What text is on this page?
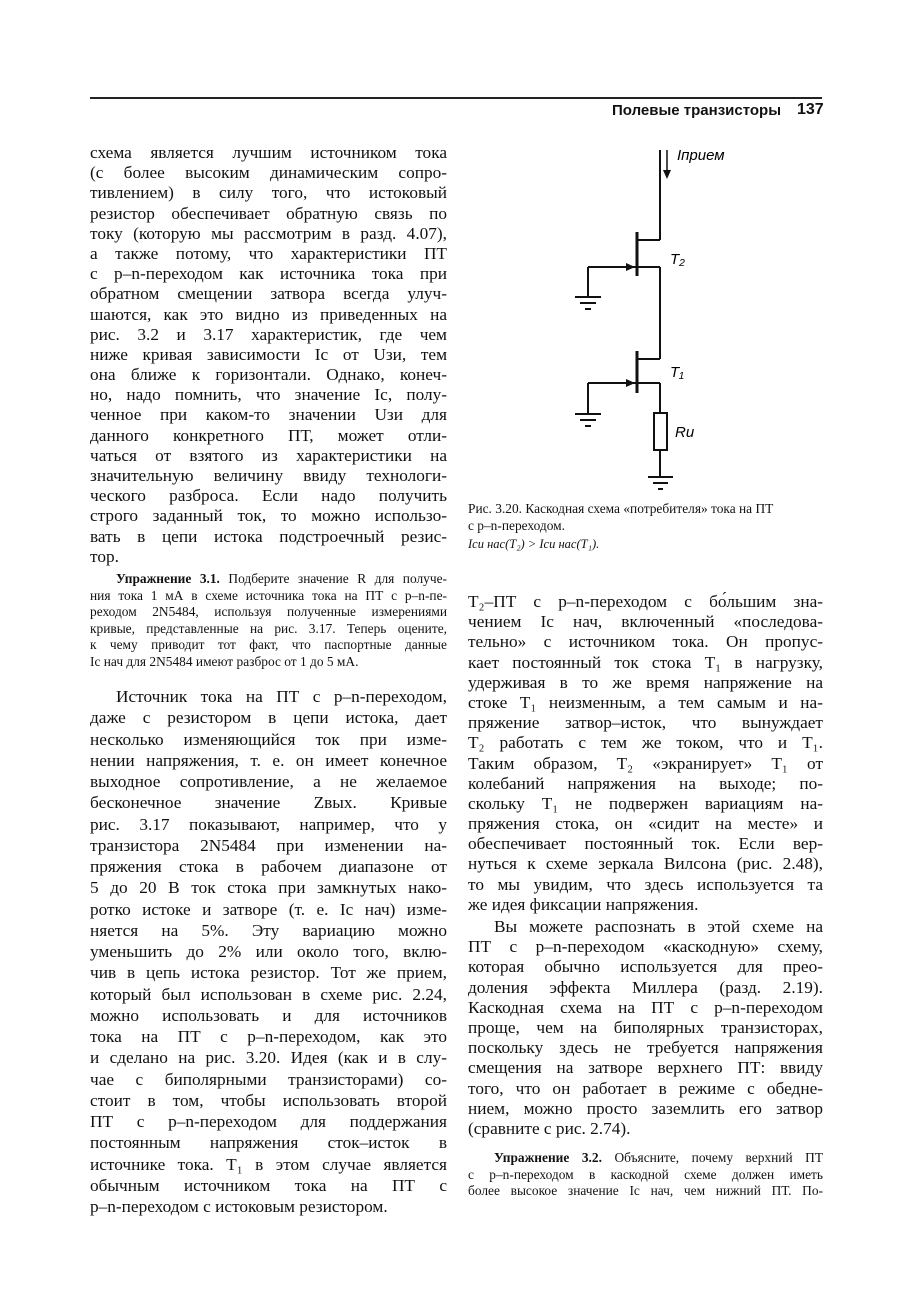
Полевые транзисторы 137
схема является лучшим источником тока
(с более высоким динамическим сопро-
тивлением) в силу того, что истоковый
резистор обеспечивает обратную связь по
току (которую мы рассмотрим в разд. 4.07),
а также потому, что характеристики ПТ
с p–n-переходом как источника тока при
обратном смещении затвора всегда улуч-
шаются, как это видно из приведенных на
рис. 3.2 и 3.17 характеристик, где чем
ниже кривая зависимости Iс от Uзи, тем
она ближе к горизонтали. Однако, конеч-
но, надо помнить, что значение Iс, полу-
ченное при каком-то значении Uзи для
данного конкретного ПТ, может отли-
чаться от взятого из характеристики на
значительную величину ввиду технологи-
ческого разброса. Если надо получить
строго заданный ток, то можно использо-
вать в цепи истока подстроечный резис-
тор.
Упражнение 3.1. Подберите значение R для получе-
ния тока 1 мА в схеме источника тока на ПТ с p–n-пе-
реходом 2N5484, используя полученные измерениями
кривые, представленные на рис. 3.17. Теперь оцените,
к чему приводит тот факт, что паспортные данные
Iс нач для 2N5484 имеют разброс от 1 до 5 мА.
Источник тока на ПТ с p–n-переходом,
даже с резистором в цепи истока, дает
несколько изменяющийся ток при изме-
нении напряжения, т. е. он имеет конечное
выходное сопротивление, а не желаемое
бесконечное значение Zвых. Кривые
рис. 3.17 показывают, например, что у
транзистора 2N5484 при изменении на-
пряжения стока в рабочем диапазоне от
5 до 20 В ток стока при замкнутых нако-
ротко истоке и затворе (т. е. Iс нач) изме-
няется на 5%. Эту вариацию можно
уменьшить до 2% или около того, вклю-
чив в цепь истока резистор. Тот же прием,
который был использован в схеме рис. 2.24,
можно использовать и для источников
тока на ПТ с p–n-переходом, как это
и сделано на рис. 3.20. Идея (как и в слу-
чае с биполярными транзисторами) со-
стоит в том, чтобы использовать второй
ПТ с p–n-переходом для поддержания
постоянным напряжения сток–исток в
источнике тока. T₁ в этом случае является
обычным источником тока на ПТ с
p–n-переходом с истоковым резистором.
Iприем
T₂
T₁
Rи
Рис. 3.20. Каскодная схема «потребителя» тока на ПТ
с p–n-переходом.
Iси нас(T₂) > Iси нас(T₁).
T₂–ПТ с p–n-переходом с бо́льшим зна-
чением Iс нач, включенный «последова-
тельно» с источником тока. Он пропус-
кает постоянный ток стока T₁ в нагрузку,
удерживая в то же время напряжение на
стоке T₁ неизменным, а тем самым и на-
пряжение затвор–исток, что вынуждает
T₂ работать с тем же током, что и T₁.
Таким образом, T₂ «экранирует» T₁ от
колебаний напряжения на выходе; по-
скольку T₁ не подвержен вариациям на-
пряжения стока, он «сидит на месте» и
обеспечивает постоянный ток. Если вер-
нуться к схеме зеркала Вилсона (рис. 2.48),
то мы увидим, что здесь используется та
же идея фиксации напряжения.
Вы можете распознать в этой схеме на
ПТ с p–n-переходом «каскодную» схему,
которая обычно используется для прео-
доления эффекта Миллера (разд. 2.19).
Каскодная схема на ПТ с p–n-переходом
проще, чем на биполярных транзисторах,
поскольку здесь не требуется напряжения
смещения на затворе верхнего ПТ: ввиду
того, что он работает в режиме с обедне-
нием, можно просто заземлить его затвор
(сравните с рис. 2.74).
Упражнение 3.2. Объясните, почему верхний ПТ
с p–n-переходом в каскодной схеме должен иметь
более высокое значение Iс нач, чем нижний ПТ. По-
